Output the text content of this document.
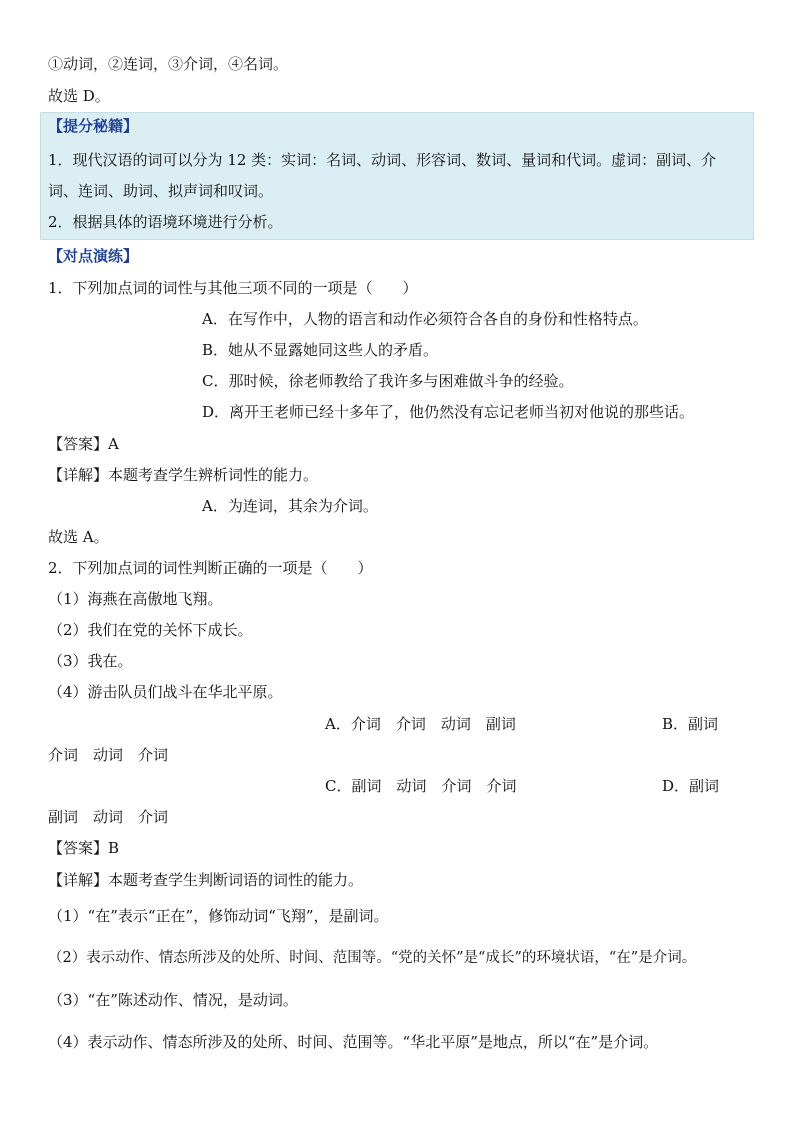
①动词，②连词，③介词，④名词。
故选 D。
【提分秘籍】
1．现代汉语的词可以分为 12 类：实词：名词、动词、形容词、数词、量词和代词。虚词：副词、介
词、连词、助词、拟声词和叹词。
2．根据具体的语境环境进行分析。
【对点演练】
1．下列加点词的词性与其他三项不同的一项是（　　）
A．在写作中，人物的语言和动作必须符合各自的身份和性格特点。
B．她从不显露她同这些人的矛盾。
C．那时候，徐老师教给了我许多与困难做斗争的经验。
D．离开王老师已经十多年了，他仍然没有忘记老师当初对他说的那些话。
【答案】A
【详解】本题考查学生辨析词性的能力。
A．为连词，其余为介词。
故选 A。
2．下列加点词的词性判断正确的一项是（　　）
（1）海燕在高傲地飞翔。
（2）我们在党的关怀下成长。
（3）我在。
（4）游击队员们战斗在华北平原。
A．介词　介词　动词　副词	B．副词
介词　动词　介词
C．副词　动词　介词　介词	D．副词
副词　动词　介词
【答案】B
【详解】本题考查学生判断词语的词性的能力。
（1）“在”表示“正在”，修饰动词“飞翔”，是副词。
（2）表示动作、情态所涉及的处所、时间、范围等。“党的关怀”是“成长”的环境状语，“在”是介词。
（3）“在”陈述动作、情况，是动词。
（4）表示动作、情态所涉及的处所、时间、范围等。“华北平原”是地点，所以“在”是介词。
